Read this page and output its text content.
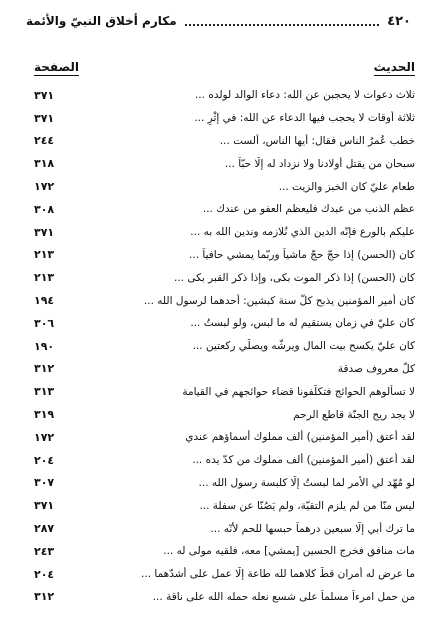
٤٢٠
مكارم أخلاق النبيّ والأئمة
الحديث
الصفحة
ثلاث دعوات لا يحجبن عن الله: دعاء الوالد لولده ...
٣٧١
ثلاثة أوقات لا يحجب فيها الدعاء عن الله: في إثْرِ ...
٣٧١
خطب عُمرُ الناس فقال: أيها الناس، ألست ...
٢٤٤
سبحان من يقتل أولادنا ولا نزداد له إلّا حبّاً ...
٣١٨
طعام عليّ كان الخبز والزيت ...
١٧٢
عظم الذنب من عبدك فليعظم العفو من عندك ...
٣٠٨
عليكم بالورع فإنّه الدين الذي نُلازمه وندين الله به ...
٣٧١
كان (الحسن) إذا حجّ حجّ ماشياً وربّما يمشي حافياً ...
٢١٣
كان (الحسن) إذا ذكر الموت بكى، وإذا ذكر القبر بكى ...
٢١٣
كان أمير المؤمنين يذبح كلّ سنة كبشين: أحدهما لرسول الله ...
١٩٤
كان عليّ في زمان يستقيم له ما لبس، ولو لبستُ ...
٣٠٦
كان عليّ يكسح بيت المال ويرشّه ويصلّي ركعتين ...
١٩٠
كلّ معروف صدقة
٣١٢
لا تسألوهم الحوائج فتكلّفونا قضاء حوائجهم في القيامة
٣١٣
لا يجد ريح الجنّة قاطع الرحم
٣١٩
لقد أعتق (أمير المؤمنين) ألف مملوك أسماؤهم عندي
١٧٢
لقد أعتق (أمير المؤمنين) ألف مملوك من كدّ يده ...
٢٠٤
لو مُهّد لي الأمر لما لبستُ إلّا كلبسة رسول الله ...
٣٠٧
ليس منّا من لم يلزم التقيّة، ولم يَصُنّا عن سفلة ...
٣٧١
ما ترك أبي إلّا سبعين درهماً حبسها للحم لأنّه ...
٢٨٧
مات منافق فخرج الحسين [يمشي] معه، فلقيه مولى له ...
٢٤٣
ما عرض له أمران قطّ كلاهما لله طاعة إلّا عمل على أشدّهما ...
٢٠٤
من حمل امرءاً مسلماً على شسع نعله حمله الله على ناقة ...
٣١٢
